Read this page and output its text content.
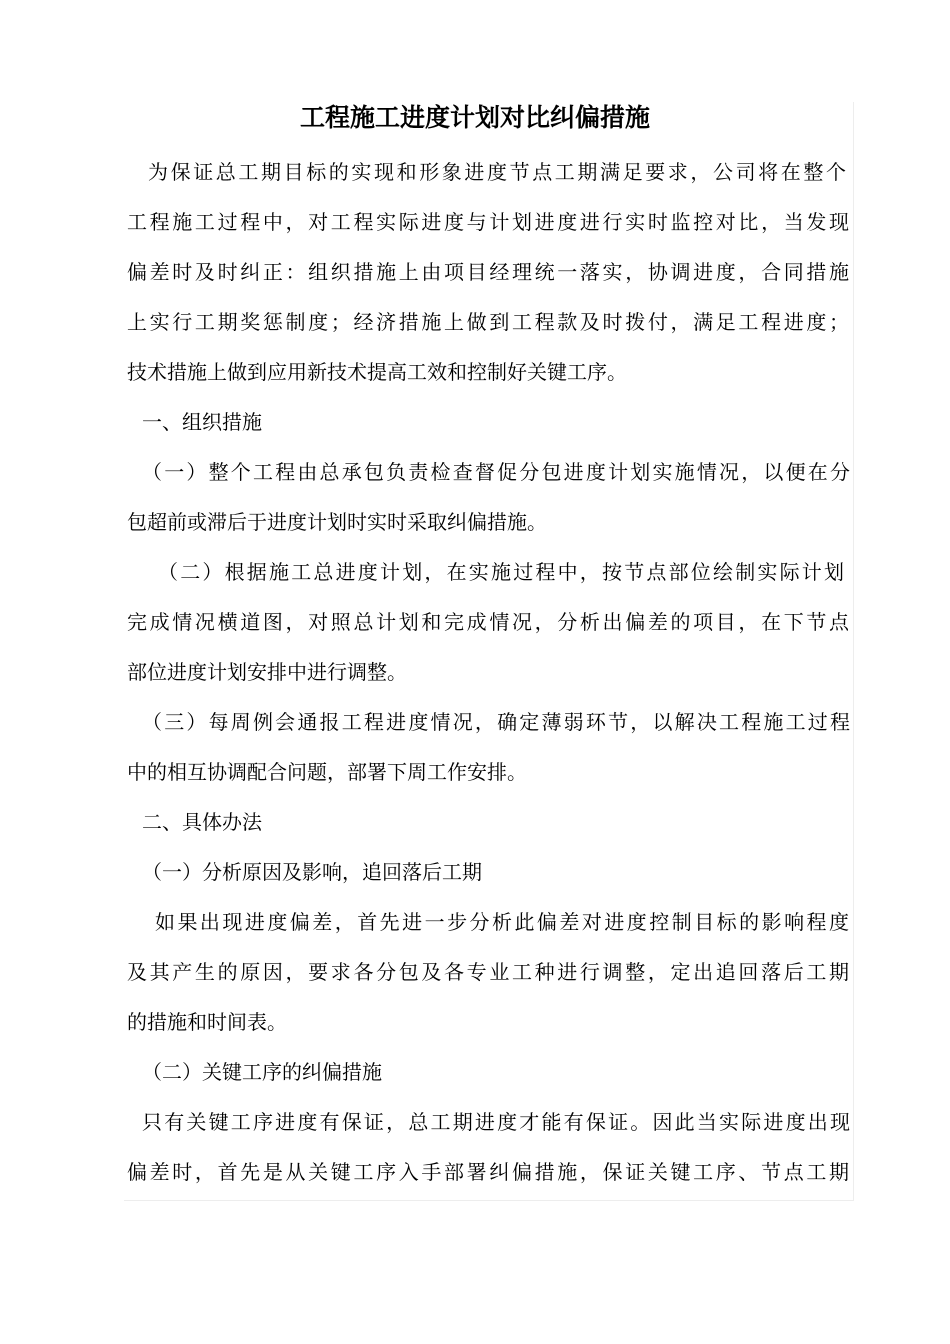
工程施工进度计划对比纠偏措施
为保证总工期目标的实现和形象进度节点工期满足要求，公司将在整个
工程施工过程中，对工程实际进度与计划进度进行实时监控对比，当发现
偏差时及时纠正：组织措施上由项目经理统一落实，协调进度，合同措施
上实行工期奖惩制度；经济措施上做到工程款及时拨付，满足工程进度；
技术措施上做到应用新技术提高工效和控制好关键工序。
一、组织措施
（一）整个工程由总承包负责检查督促分包进度计划实施情况，以便在分
包超前或滞后于进度计划时实时采取纠偏措施。
（二）根据施工总进度计划，在实施过程中，按节点部位绘制实际计划
完成情况横道图，对照总计划和完成情况，分析出偏差的项目，在下节点
部位进度计划安排中进行调整。
（三）每周例会通报工程进度情况，确定薄弱环节，以解决工程施工过程
中的相互协调配合问题，部署下周工作安排。
二、具体办法
（一）分析原因及影响，追回落后工期
如果出现进度偏差，首先进一步分析此偏差对进度控制目标的影响程度
及其产生的原因，要求各分包及各专业工种进行调整，定出追回落后工期
的措施和时间表。
（二）关键工序的纠偏措施
只有关键工序进度有保证，总工期进度才能有保证。因此当实际进度出现
偏差时，首先是从关键工序入手部署纠偏措施，保证关键工序、节点工期
